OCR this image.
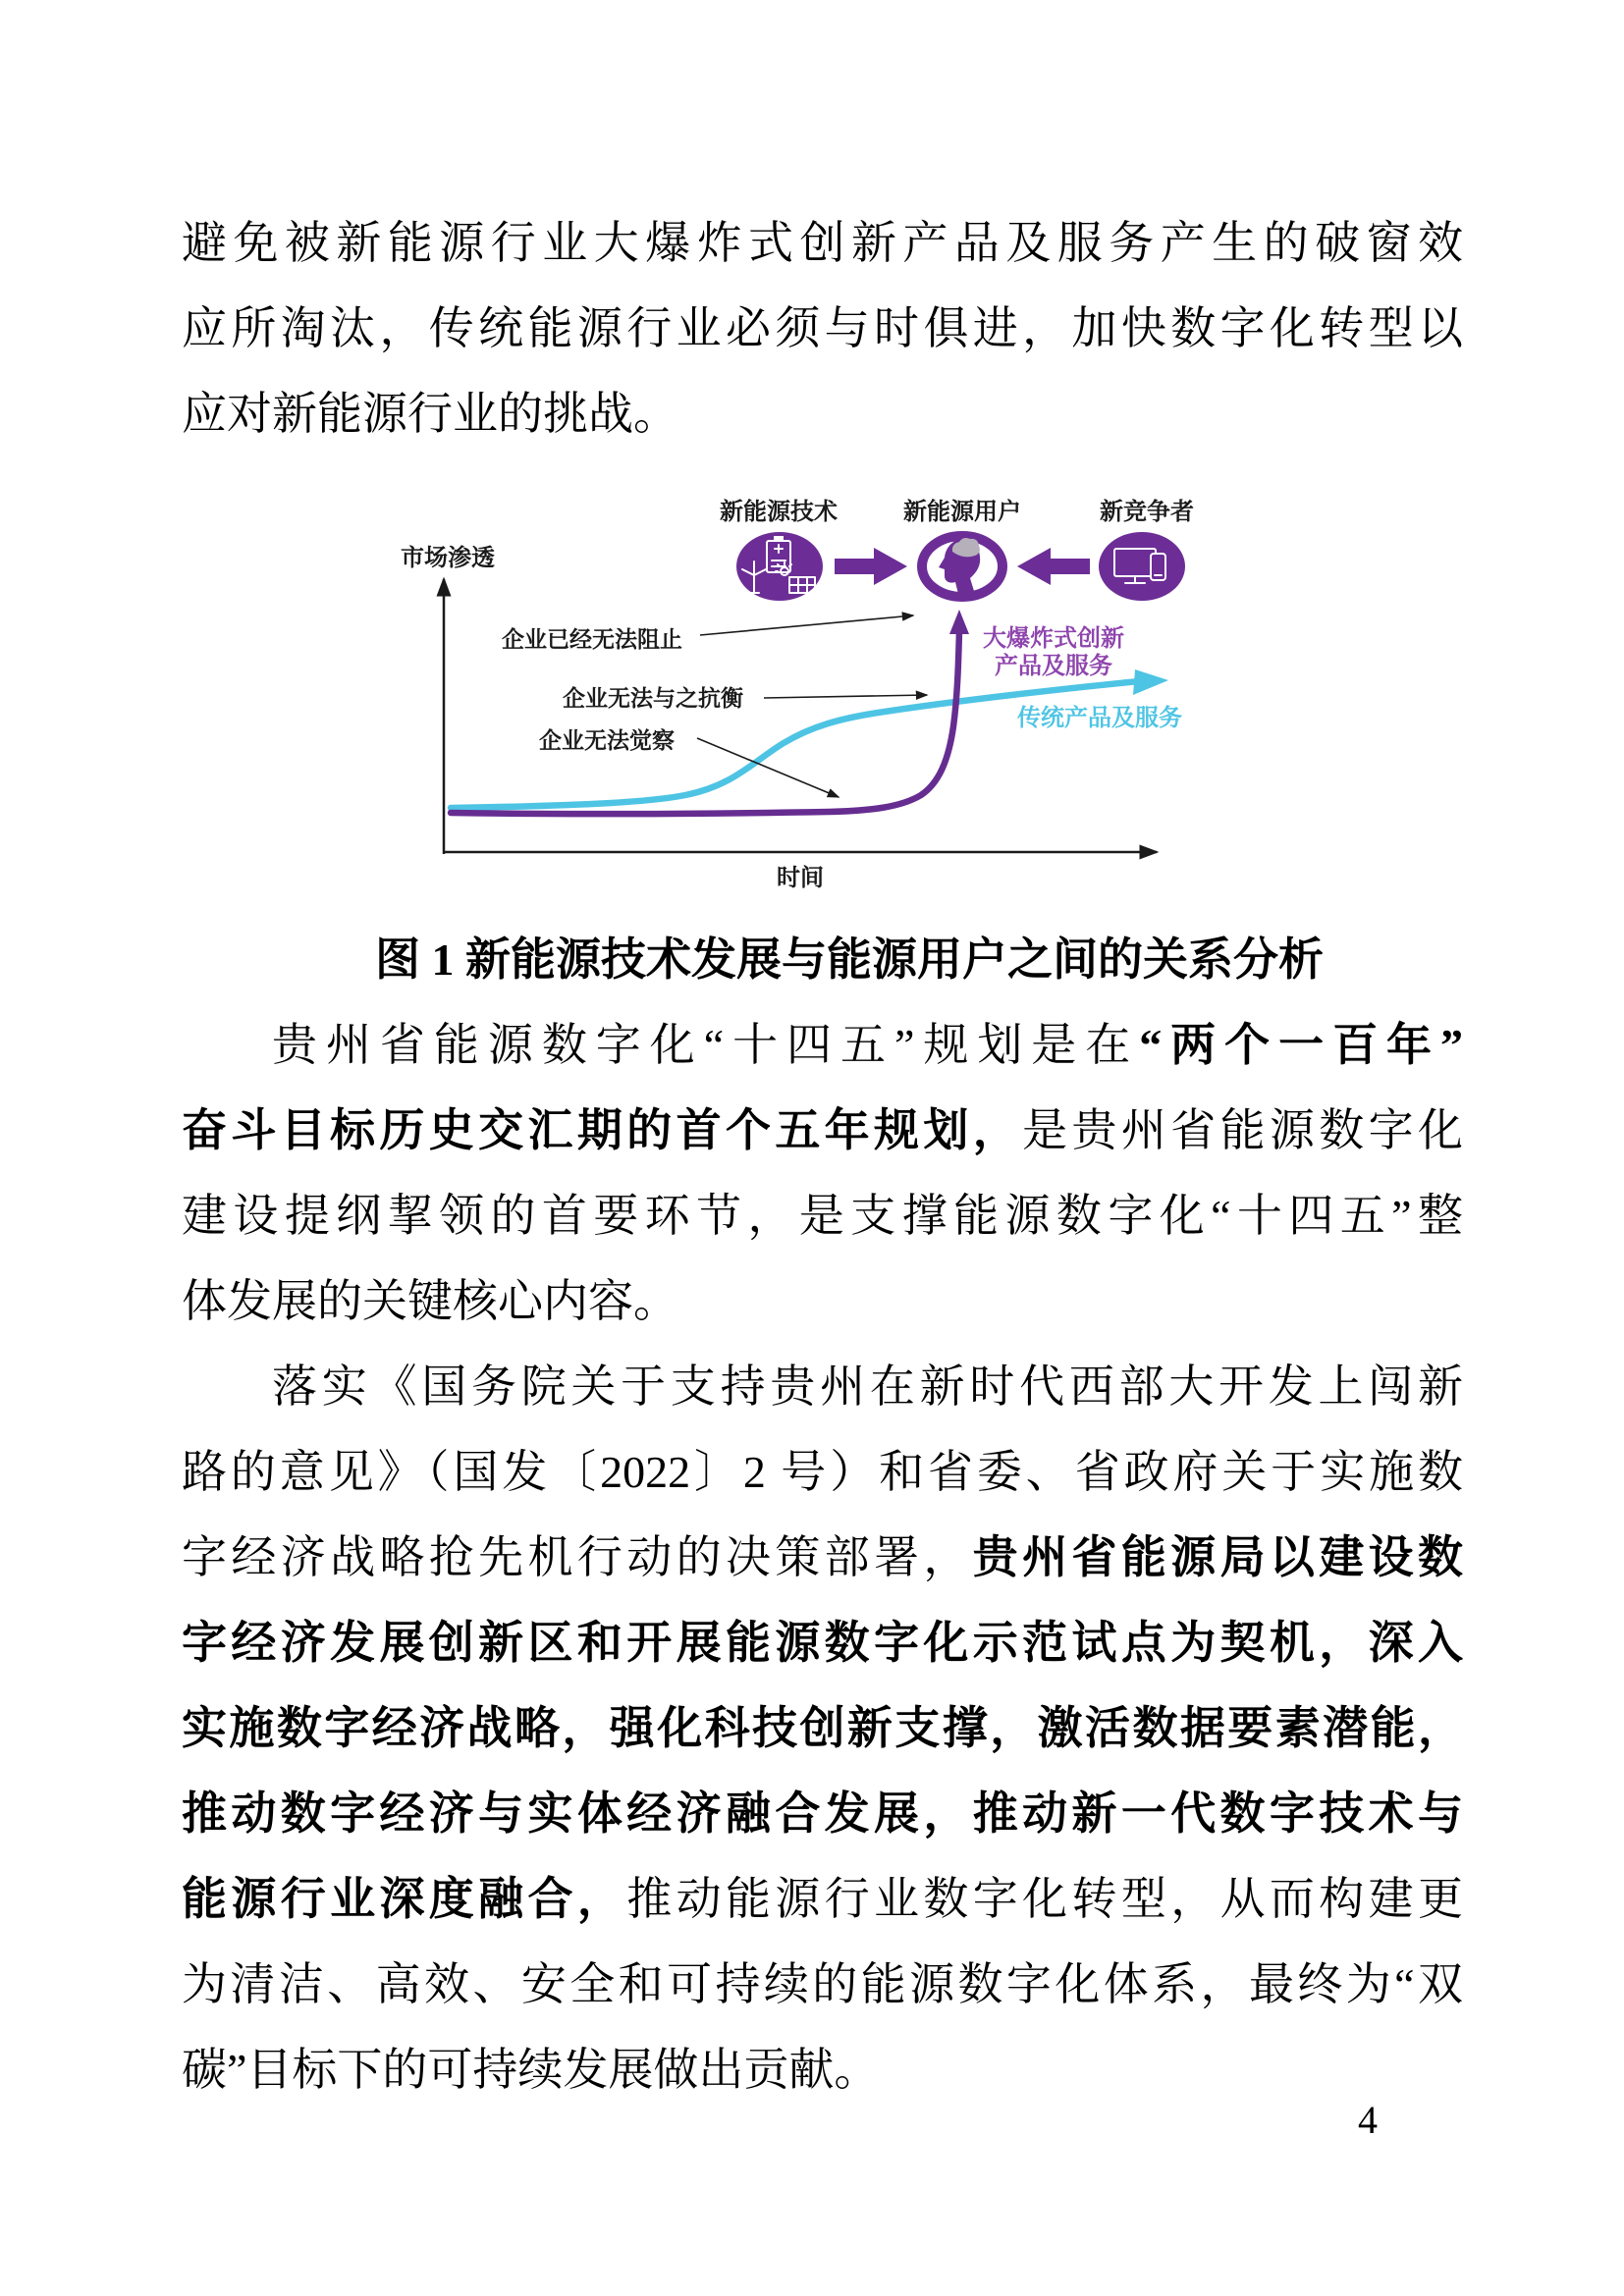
避免被新能源行业大爆炸式创新产品及服务产生的破窗效
应所淘汰，传统能源行业必须与时俱进，加快数字化转型以
应对新能源行业的挑战。
市场渗透
时间
新能源技术	新能源用户	新竞争者
企业已经无法阻止
企业无法与之抗衡
企业无法觉察
大爆炸式创新
产品及服务
传统产品及服务
图 1 新能源技术发展与能源用户之间的关系分析
贵州省能源数字化“十四五”规划是在“两个一百年”
奋斗目标历史交汇期的首个五年规划，是贵州省能源数字化
建设提纲挈领的首要环节，是支撑能源数字化“十四五”整
体发展的关键核心内容。
落实《国务院关于支持贵州在新时代西部大开发上闯新
路的意见》（国发〔2022〕2 号）和省委、省政府关于实施数
字经济战略抢先机行动的决策部署，贵州省能源局以建设数
字经济发展创新区和开展能源数字化示范试点为契机，深入
实施数字经济战略，强化科技创新支撑，激活数据要素潜能，
推动数字经济与实体经济融合发展，推动新一代数字技术与
能源行业深度融合，推动能源行业数字化转型，从而构建更
为清洁、高效、安全和可持续的能源数字化体系，最终为“双
碳”目标下的可持续发展做出贡献。
4
